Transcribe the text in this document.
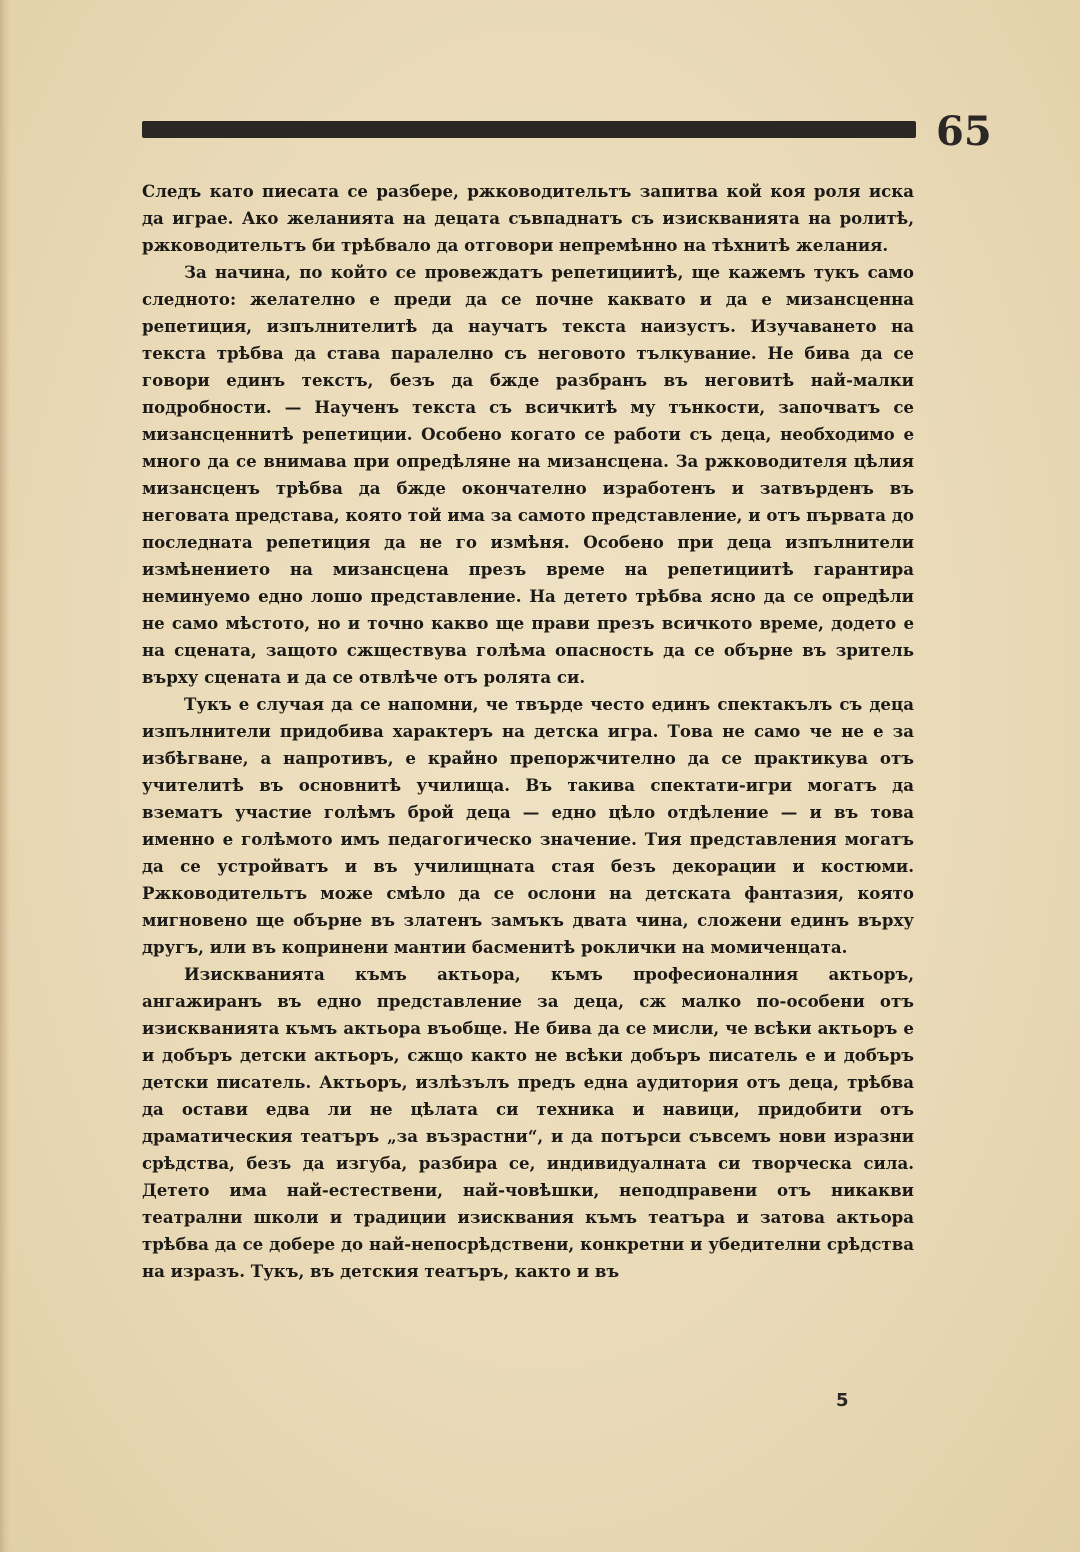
65

Следъ като пиесата се разбере, ржководительтъ запитва кой коя роля иска да играе. Ако желанията на децата съвпаднатъ съ изискванията на ролитѣ, ржководительтъ би трѣбвало да отговори непремѣнно на тѣхнитѣ желания.

За начина, по който се провеждатъ репетициитѣ, ще кажемъ тукъ само следното: желателно е преди да се почне каквато и да е мизансценна репетиция, изпълнителитѣ да научатъ текста наизустъ. Изучаването на текста трѣбва да става паралелно съ неговото тълкувание. Не бива да се говори единъ текстъ, безъ да бжде разбранъ въ неговитѣ най-малки подробности. — Наученъ текста съ всичкитѣ му тънкости, започватъ се мизансценнитѣ репетиции. Особено когато се работи съ деца, необходимо е много да се внимава при опредѣляне на мизансцена. За ржководителя цѣлия мизансценъ трѣбва да бжде окончателно изработенъ и затвърденъ въ неговата представа, която той има за самото представление, и отъ първата до последната репетиция да не го измѣня. Особено при деца изпълнители измѣнението на мизансцена презъ време на репетициитѣ гарантира неминуемо едно лошо представление. На детето трѣбва ясно да се опредѣли не само мѣстото, но и точно какво ще прави презъ всичкото време, додето е на сцената, защото сжществува голѣма опасность да се обърне въ зритель върху сцената и да се отвлѣче отъ ролята си.

Тукъ е случая да се напомни, че твърде често единъ спектакълъ съ деца изпълнители придобива характеръ на детска игра. Това не само че не е за избѣгване, а напротивъ, е крайно препоржчително да се практикува отъ учителитѣ въ основнитѣ училища. Въ такива спектати-игри могатъ да взематъ участие голѣмъ брой деца — едно цѣло отдѣление — и въ това именно е голѣмото имъ педагогическо значение. Тия представления могатъ да се устройватъ и въ училищната стая безъ декорации и костюми. Ржководительтъ може смѣло да се ослони на детската фантазия, която мигновено ще обърне въ златенъ замъкъ двата чина, сложени единъ върху другъ, или въ копринени мантии басменитѣ роклички на момиченцата.

Изискванията къмъ актьора, къмъ професионалния актьоръ, ангажиранъ въ едно представление за деца, сж малко по-особени отъ изискванията къмъ актьора въобще. Не бива да се мисли, че всѣки актьоръ е и добъръ детски актьоръ, сжщо както не всѣки добъръ писатель е и добъръ детски писатель. Актьоръ, излѣзълъ предъ една аудитория отъ деца, трѣбва да остави едва ли не цѣлата си техника и навици, придобити отъ драматическия театъръ „за възрастни“, и да потърси съвсемъ нови изразни срѣдства, безъ да изгуба, разбира се, индивидуалната си творческа сила. Детето има най-естествени, най-човѣшки, неподправени отъ никакви театрални школи и традиции изисквания къмъ театъра и затова актьора трѣбва да се добере до най-непосрѣдствени, конкретни и убедителни срѣдства на изразъ. Тукъ, въ детския театъръ, както и въ

5
